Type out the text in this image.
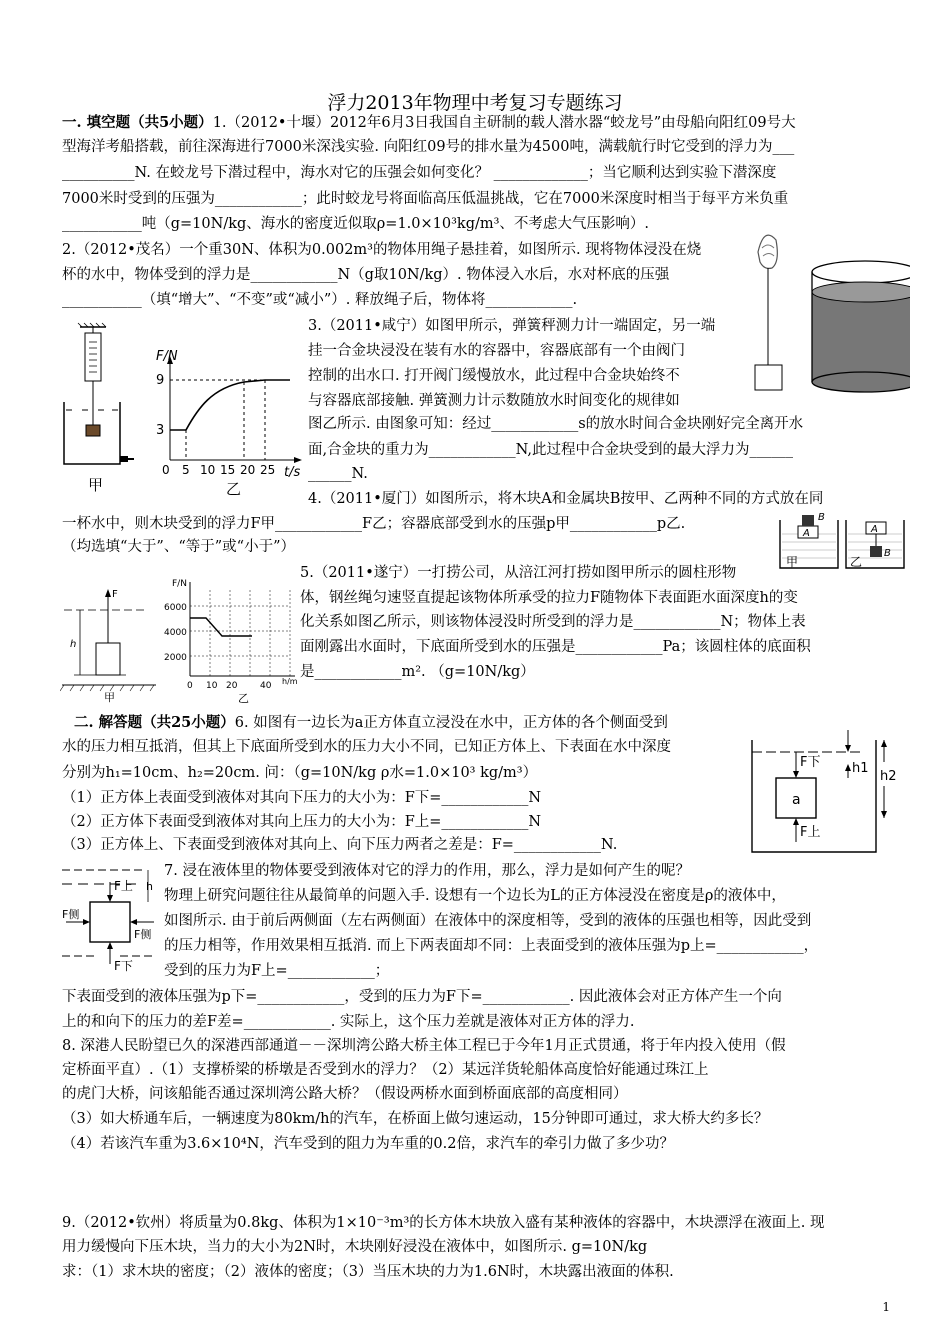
浮力2013年物理中考复习专题练习
一. 填空题（共5小题）1.（2012•十堰）2012年6月3日我国自主研制的载人潜水器“蛟龙号”由母船向阳红09号大
型海洋考船搭载，前往深海进行7000米深浅实验. 向阳红09号的排水量为4500吨，满载航行时它受到的浮力为___
__________N. 在蛟龙号下潜过程中，海水对它的压强会如何变化？ _____________；当它顺利达到实验下潜深度
7000米时受到的压强为____________；此时蛟龙号将面临高压低温挑战，它在7000米深度时相当于每平方米负重
___________吨（g=10N/kg、海水的密度近似取ρ=1.0×10³kg/m³、不考虑大气压影响）.
2.（2012•茂名）一个重30N、体积为0.002m³的物体用绳子悬挂着，如图所示. 现将物体浸没在烧
杯的水中，物体受到的浮力是____________N（g取10N/kg）. 物体浸入水后，水对杯底的压强
___________（填“增大”、“不变”或“减小”）. 释放绳子后，物体将____________.
3.（2011•咸宁）如图甲所示，弹簧秤测力计一端固定，另一端
挂一合金块浸没在装有水的容器中，容器底部有一个由阀门
控制的出水口. 打开阀门缓慢放水，此过程中合金块始终不
与容器底部接触. 弹簧测力计示数随放水时间变化的规律如
图乙所示. 由图象可知：经过____________s的放水时间合金块刚好完全离开水
面,合金块的重力为____________N,此过程中合金块受到的最大浮力为______
______N.
甲
F/N
t/s
9
3
0 5 10 15 20 25
乙
4.（2011•厦门）如图所示，将木块A和金属块B按甲、乙两种不同的方式放在同
一杯水中，则木块受到的浮力F甲____________F乙；容器底部受到水的压强p甲____________p乙.
（均选填“大于”、“等于”或“小于”）
A
B
甲
A
B
乙
5.（2011•遂宁）一打捞公司，从涪江河打捞如图甲所示的圆柱形物
体，钢丝绳匀速竖直提起该物体所承受的拉力F随物体下表面距水面深度h的变
化关系如图乙所示，则该物体浸没时所受到的浮力是____________N；物体上表
面刚露出水面时，下底面所受到水的压强是____________Pa；该圆柱体的底面积
是____________m². （g=10N/kg）
F
h
甲
F/N
6000
4000
2000
0 10 20	40 h/m
乙
二. 解答题（共25小题）6. 如图有一边长为a正方体直立浸没在水中，正方体的各个侧面受到
水的压力相互抵消，但其上下底面所受到水的压力大小不同，已知正方体上、下表面在水中深度
分别为h₁=10cm、h₂=20cm. 问：（g=10N/kg ρ水=1.0×10³ kg/m³）
（1）正方体上表面受到液体对其向下压力的大小为：F下=____________N
（2）正方体下表面受到液体对其向上压力的大小为：F上=____________N
（3）正方体上、下表面受到液体对其向上、向下压力两者之差是：F=____________N.
a
F下
F上
h1
h2
F上
F下
F侧
F侧
h
7. 浸在液体里的物体要受到液体对它的浮力的作用，那么，浮力是如何产生的呢？
物理上研究问题往往从最简单的问题入手. 设想有一个边长为L的正方体浸没在密度是ρ的液体中，
如图所示. 由于前后两侧面（左右两侧面）在液体中的深度相等，受到的液体的压强也相等，因此受到
的压力相等，作用效果相互抵消. 而上下两表面却不同：上表面受到的液体压强为p上=____________，
受到的压力为F上=____________；
下表面受到的液体压强为p下=____________，受到的压力为F下=____________. 因此液体会对正方体产生一个向
上的和向下的压力的差F差=____________. 实际上，这个压力差就是液体对正方体的浮力.
8. 深港人民盼望已久的深港西部通道－－深圳湾公路大桥主体工程已于今年1月正式贯通，将于年内投入使用（假
定桥面平直）.（1）支撑桥梁的桥墩是否受到水的浮力？（2）某远洋货轮船体高度恰好能通过珠江上
的虎门大桥，问该船能否通过深圳湾公路大桥？（假设两桥水面到桥面底部的高度相同）
（3）如大桥通车后，一辆速度为80km/h的汽车，在桥面上做匀速运动，15分钟即可通过，求大桥大约多长？
（4）若该汽车重为3.6×10⁴N，汽车受到的阻力为车重的0.2倍，求汽车的牵引力做了多少功？
9.（2012•钦州）将质量为0.8kg、体积为1×10⁻³m³的长方体木块放入盛有某种液体的容器中，木块漂浮在液面上. 现
用力缓慢向下压木块，当力的大小为2N时，木块刚好浸没在液体中，如图所示. g=10N/kg
求：（1）求木块的密度；（2）液体的密度；（3）当压木块的力为1.6N时，木块露出液面的体积.
1
